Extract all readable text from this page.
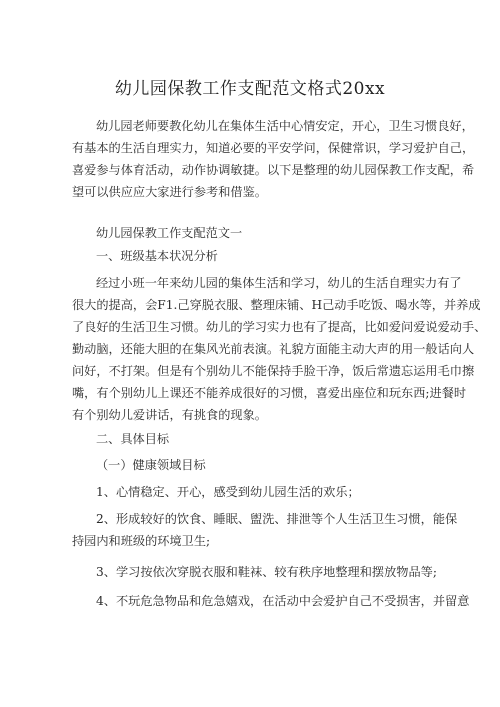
幼儿园保教工作支配范文格式20xx
幼儿园老师要教化幼儿在集体生活中心情安定，开心，卫生习惯良好，
有基本的生活自理实力，知道必要的平安学问，保健常识，学习爱护自己，
喜爱参与体育活动，动作协调敏捷。以下是整理的幼儿园保教工作支配，希
望可以供应应大家进行参考和借鉴。
幼儿园保教工作支配范文一
一、班级基本状况分析
经过小班一年来幼儿园的集体生活和学习，幼儿的生活自理实力有了
很大的提高，会F1.己穿脱衣服、整理床铺、H己动手吃饭、喝水等，并养成
了良好的生活卫生习惯。幼儿的学习实力也有了提高，比如爱问爱说爱动手、
勤动脑，还能大胆的在集风光前表演。礼貌方面能主动大声的用一般话向人
问好，不打架。但是有个别幼儿不能保持手脸干净，饭后常遗忘运用毛巾擦
嘴，有个别幼儿上课还不能养成很好的习惯，喜爱出座位和玩东西;进餐时
有个别幼儿爱讲话，有挑食的现象。
二、具体目标
（一）健康领域目标
1、心情稳定、开心，感受到幼儿园生活的欢乐；
2、形成较好的饮食、睡眠、盥洗、排泄等个人生活卫生习惯，能保
持园内和班级的环境卫生;
3、学习按依次穿脱衣服和鞋袜、较有秩序地整理和摆放物品等;
4、不玩危急物品和危急嬉戏，在活动中会爱护自己不受损害，并留意
